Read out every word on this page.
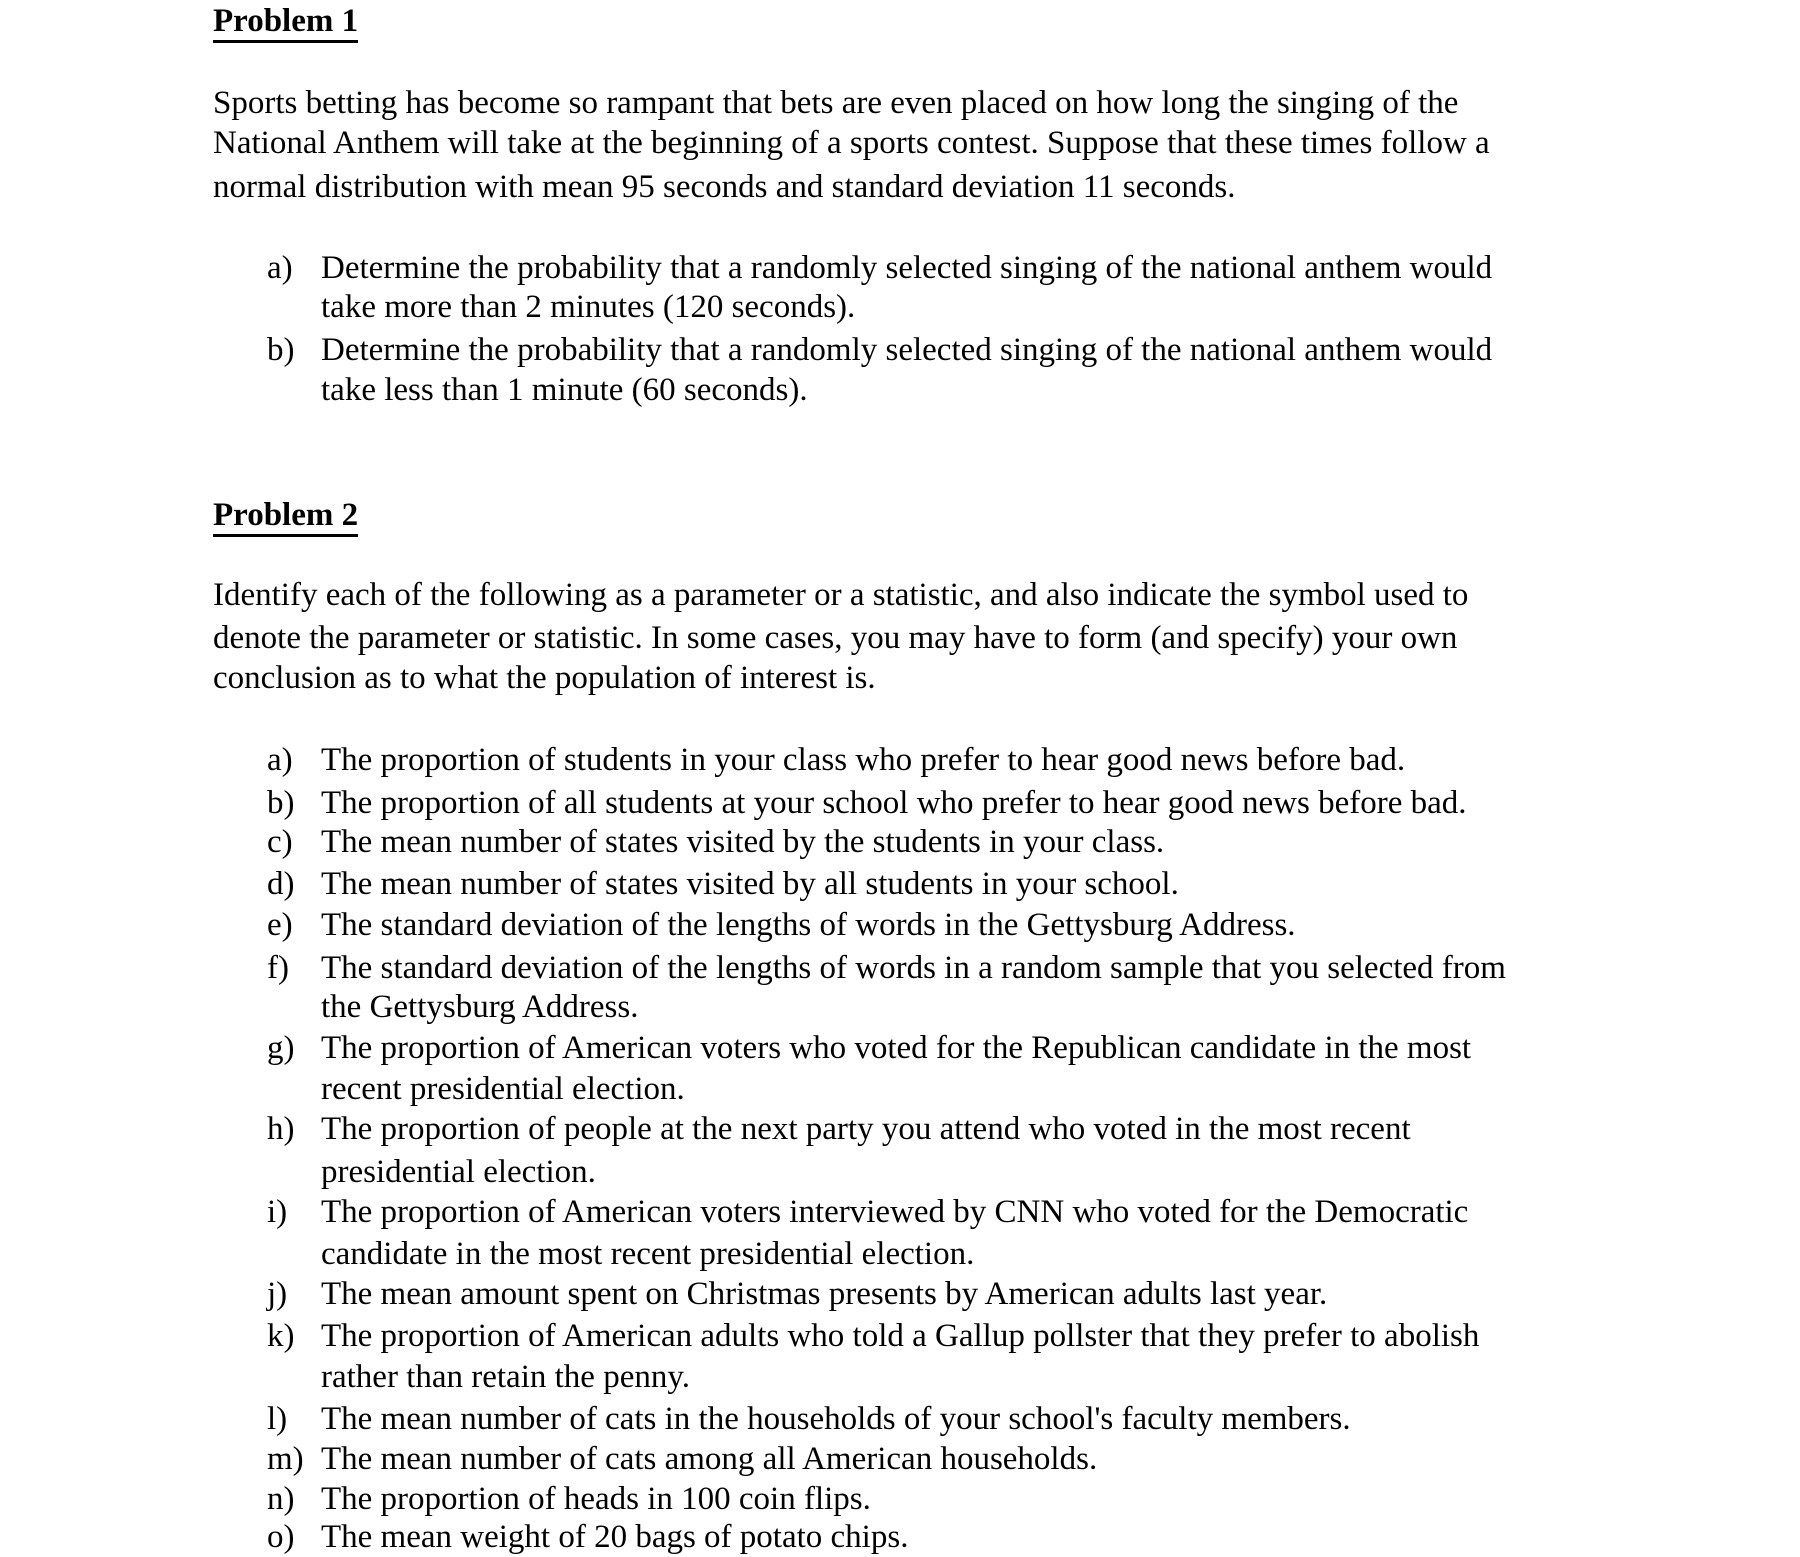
Problem 1
Sports betting has become so rampant that bets are even placed on how long the singing of the
National Anthem will take at the beginning of a sports contest. Suppose that these times follow a
normal distribution with mean 95 seconds and standard deviation 11 seconds.
a) Determine the probability that a randomly selected singing of the national anthem would
take more than 2 minutes (120 seconds).
b) Determine the probability that a randomly selected singing of the national anthem would
take less than 1 minute (60 seconds).
Problem 2
Identify each of the following as a parameter or a statistic, and also indicate the symbol used to
denote the parameter or statistic. In some cases, you may have to form (and specify) your own
conclusion as to what the population of interest is.
a) The proportion of students in your class who prefer to hear good news before bad.
b) The proportion of all students at your school who prefer to hear good news before bad.
c) The mean number of states visited by the students in your class.
d) The mean number of states visited by all students in your school.
e) The standard deviation of the lengths of words in the Gettysburg Address.
f) The standard deviation of the lengths of words in a random sample that you selected from
the Gettysburg Address.
g) The proportion of American voters who voted for the Republican candidate in the most
recent presidential election.
h) The proportion of people at the next party you attend who voted in the most recent
presidential election.
i) The proportion of American voters interviewed by CNN who voted for the Democratic
candidate in the most recent presidential election.
j) The mean amount spent on Christmas presents by American adults last year.
k) The proportion of American adults who told a Gallup pollster that they prefer to abolish
rather than retain the penny.
l) The mean number of cats in the households of your school's faculty members.
m) The mean number of cats among all American households.
n) The proportion of heads in 100 coin flips.
o) The mean weight of 20 bags of potato chips.
